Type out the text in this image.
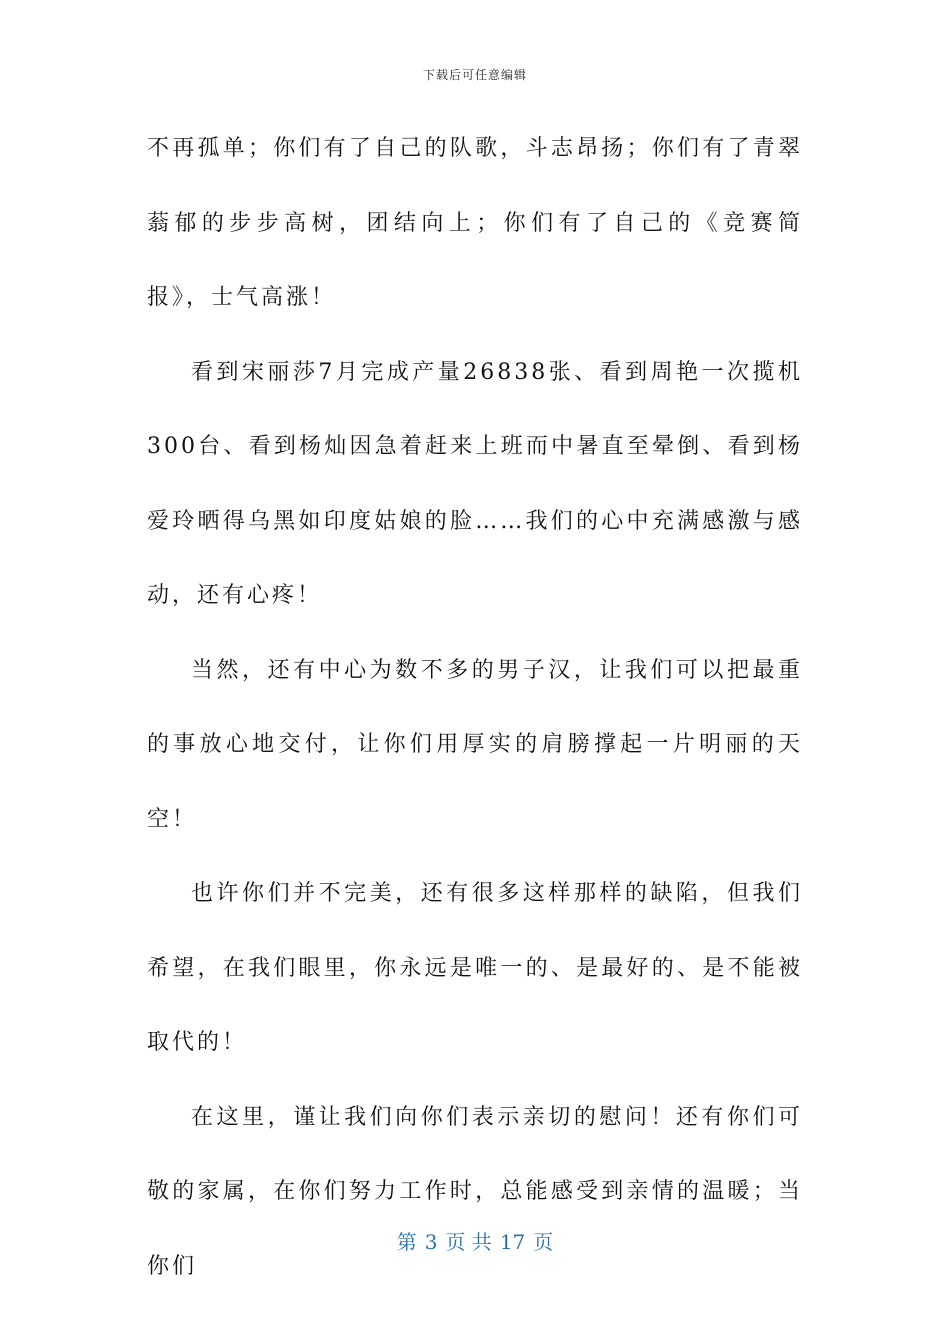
下载后可任意编辑

不再孤单；你们有了自己的队歌，斗志昂扬；你们有了青翠蓊郁的步步高树，团结向上；你们有了自己的《竞赛简报》，士气高涨！

看到宋丽莎7月完成产量26838张、看到周艳一次揽机300台、看到杨灿因急着赶来上班而中暑直至晕倒、看到杨爱玲晒得乌黑如印度姑娘的脸……我们的心中充满感激与感动，还有心疼！

当然，还有中心为数不多的男子汉，让我们可以把最重的事放心地交付，让你们用厚实的肩膀撑起一片明丽的天空！

也许你们并不完美，还有很多这样那样的缺陷，但我们希望，在我们眼里，你永远是唯一的、是最好的、是不能被取代的！

在这里，谨让我们向你们表示亲切的慰问！还有你们可敬的家属，在你们努力工作时，总能感受到亲情的温暖；当你们

第 3 页 共 17 页
